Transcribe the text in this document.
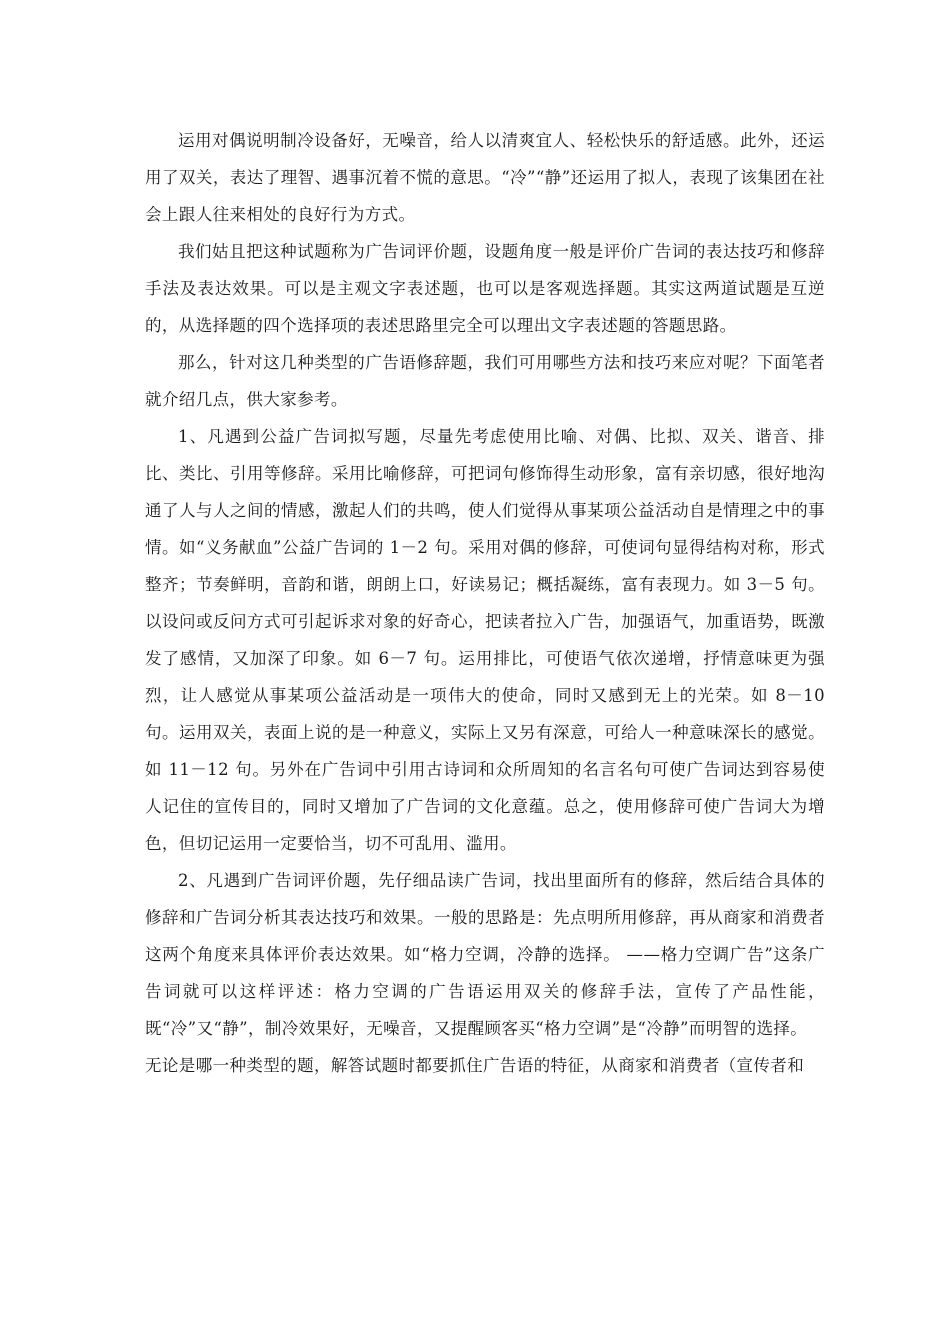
运用对偶说明制冷设备好，无噪音，给人以清爽宜人、轻松快乐的舒适感。此外，还运用了双关，表达了理智、遇事沉着不慌的意思。“冷”“静”还运用了拟人，表现了该集团在社会上跟人往来相处的良好行为方式。

我们姑且把这种试题称为广告词评价题，设题角度一般是评价广告词的表达技巧和修辞手法及表达效果。可以是主观文字表述题，也可以是客观选择题。其实这两道试题是互逆的，从选择题的四个选择项的表述思路里完全可以理出文字表述题的答题思路。

那么，针对这几种类型的广告语修辞题，我们可用哪些方法和技巧来应对呢？下面笔者就介绍几点，供大家参考。

1、凡遇到公益广告词拟写题，尽量先考虑使用比喻、对偶、比拟、双关、谐音、排比、类比、引用等修辞。采用比喻修辞，可把词句修饰得生动形象，富有亲切感，很好地沟通了人与人之间的情感，激起人们的共鸣，使人们觉得从事某项公益活动自是情理之中的事情。如“义务献血”公益广告词的 1－2 句。采用对偶的修辞，可使词句显得结构对称，形式整齐；节奏鲜明，音韵和谐，朗朗上口，好读易记；概括凝练，富有表现力。如 3－5 句。以设问或反问方式可引起诉求对象的好奇心，把读者拉入广告，加强语气，加重语势，既激发了感情，又加深了印象。如 6－7 句。运用排比，可使语气依次递增，抒情意味更为强烈，让人感觉从事某项公益活动是一项伟大的使命，同时又感到无上的光荣。如 8－10 句。运用双关，表面上说的是一种意义，实际上又另有深意，可给人一种意味深长的感觉。如 11－12 句。另外在广告词中引用古诗词和众所周知的名言名句可使广告词达到容易使人记住的宣传目的，同时又增加了广告词的文化意蕴。总之，使用修辞可使广告词大为增色，但切记运用一定要恰当，切不可乱用、滥用。

2、凡遇到广告词评价题，先仔细品读广告词，找出里面所有的修辞，然后结合具体的修辞和广告词分析其表达技巧和效果。一般的思路是：先点明所用修辞，再从商家和消费者这两个角度来具体评价表达效果。如“格力空调，冷静的选择。 ——格力空调广告”这条广告词就可以这样评述：格力空调的广告语运用双关的修辞手法，宣传了产品性能，既“冷”又“静”，制冷效果好，无噪音，又提醒顾客买“格力空调”是“冷静”而明智的选择。

无论是哪一种类型的题，解答试题时都要抓住广告语的特征，从商家和消费者（宣传者和
